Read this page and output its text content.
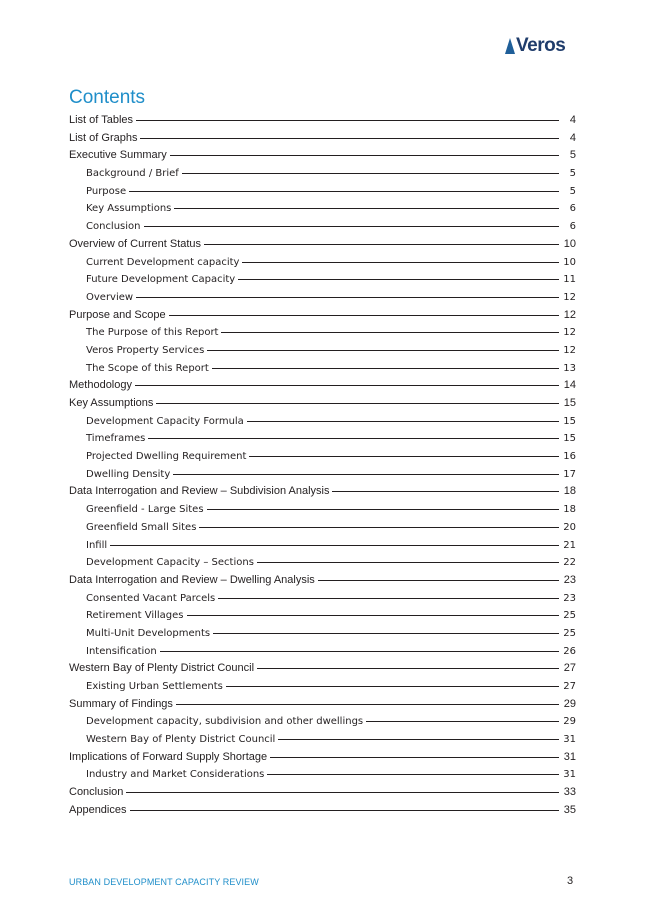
Veros
Contents
List of Tables	4
List of Graphs	4
Executive Summary	5
Background / Brief	5
Purpose	5
Key Assumptions	6
Conclusion	6
Overview of Current Status	10
Current Development capacity	10
Future Development Capacity	11
Overview	12
Purpose and Scope	12
The Purpose of this Report	12
Veros Property Services	12
The Scope of this Report	13
Methodology	14
Key Assumptions	15
Development Capacity Formula	15
Timeframes	15
Projected Dwelling Requirement	16
Dwelling Density	17
Data Interrogation and Review – Subdivision Analysis	18
Greenfield - Large Sites	18
Greenfield Small Sites	20
Infill	21
Development Capacity – Sections	22
Data Interrogation and Review – Dwelling Analysis	23
Consented Vacant Parcels	23
Retirement Villages	25
Multi-Unit Developments	25
Intensification	26
Western Bay of Plenty District Council	27
Existing Urban Settlements	27
Summary of Findings	29
Development capacity, subdivision and other dwellings	29
Western Bay of Plenty District Council	31
Implications of Forward Supply Shortage	31
Industry and Market Considerations	31
Conclusion	33
Appendices	35
URBAN DEVELOPMENT CAPACITY REVIEW	3
